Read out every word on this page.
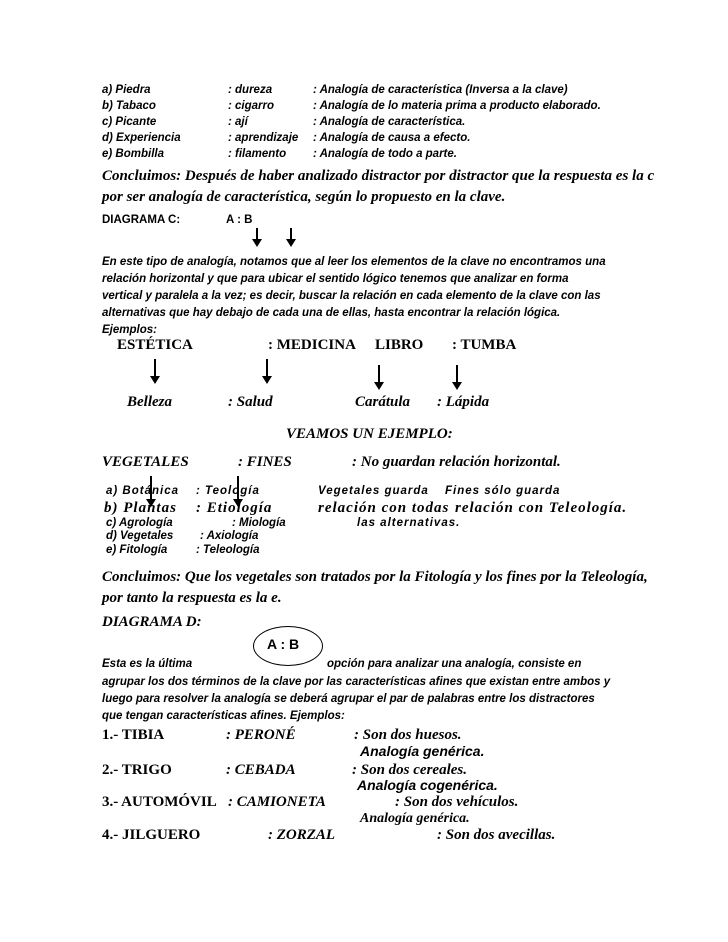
a) Piedra	: dureza	: Analogía de característica (Inversa a la clave)
b) Tabaco	: cigarro	: Analogía de lo materia prima a producto elaborado.
c) Picante	: ají	: Analogía de característica.
d) Experiencia	: aprendizaje : Analogía de causa a efecto.
e) Bombilla	: filamento : Analogía de todo a parte.
Concluimos: Después de haber analizado distractor por distractor que la respuesta es la c
por ser analogía de característica, según lo propuesto en la clave.
DIAGRAMA C:	A : B
En este tipo de analogía, notamos que al leer los elementos de la clave no encontramos una
relación horizontal y que para ubicar el sentido lógico tenemos que analizar en forma
vertical y paralela a la vez; es decir, buscar la relación en cada elemento de la clave con las
alternativas que hay debajo de cada una de ellas, hasta encontrar la relación lógica.
Ejemplos:
ESTÉTICA	: MEDICINA LIBRO : TUMBA
Belleza	: Salud	Carátula : Lápida
VEAMOS UN EJEMPLO:
VEGETALES	: FINES	: No guardan relación horizontal.
a) Botánica : Teología
b) Plantas : Etiología
c) Agrología	: Miología
d) Vegetales : Axiología
e) Fitología : Teleología
Vegetales guarda Fines sólo guarda
relación con todas relación con Teleología.
las alternativas.
Concluimos: Que los vegetales son tratados por la Fitología y los fines por la Teleología,
por tanto la respuesta es la e.
DIAGRAMA D:
A : B
Esta es la última	opción para analizar una analogía, consiste en
agrupar los dos términos de la clave por las características afines que existan entre ambos y
luego para resolver la analogía se deberá agrupar el par de palabras entre los distractores
que tengan características afines. Ejemplos:
1.- TIBIA	: PERONÉ	: Son dos huesos.
Analogía genérica.
2.- TRIGO	: CEBADA	: Son dos cereales.
Analogía cogenérica.
3.- AUTOMÓVIL : CAMIONETA	: Son dos vehículos.
Analogía genérica.
4.- JILGUERO	: ZORZAL	: Son dos avecillas.
